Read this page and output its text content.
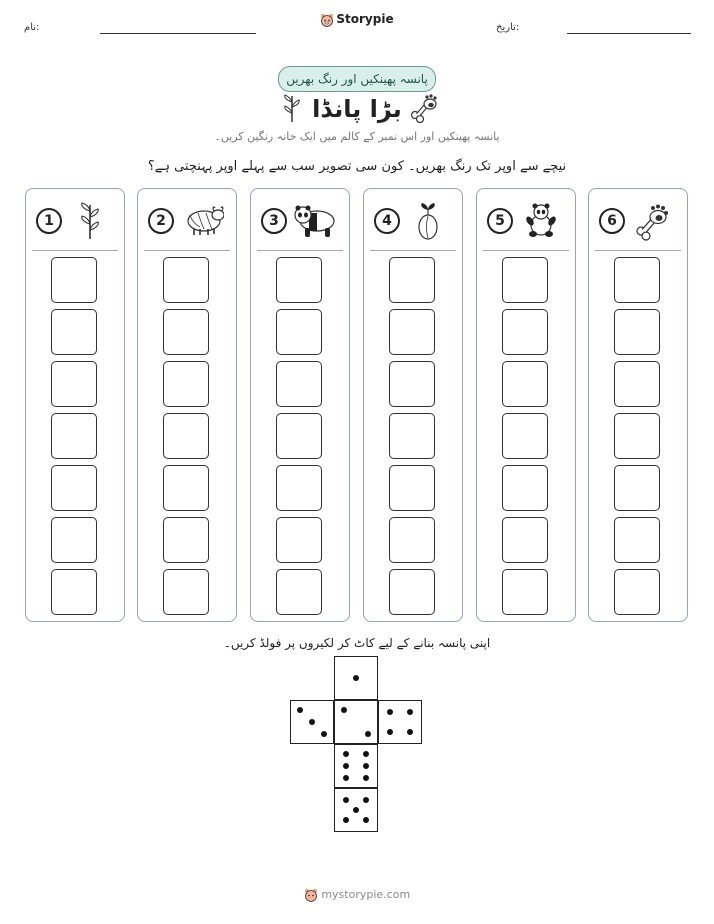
نام:
Storypie
تاریخ:
پانسہ پھینکیں اور رنگ بھریں
بڑا پانڈا
پانسہ پھینکیں اور اس نمبر کے کالم میں ایک خانہ رنگین کریں۔
نیچے سے اوپر تک رنگ بھریں۔ کون سی تصویر سب سے پہلے اوپر پہنچتی ہے؟
1	2	3	4	5	6
اپنی پانسہ بنانے کے لیے کاٹ کر لکیروں پر فولڈ کریں۔
mystorypie.com
